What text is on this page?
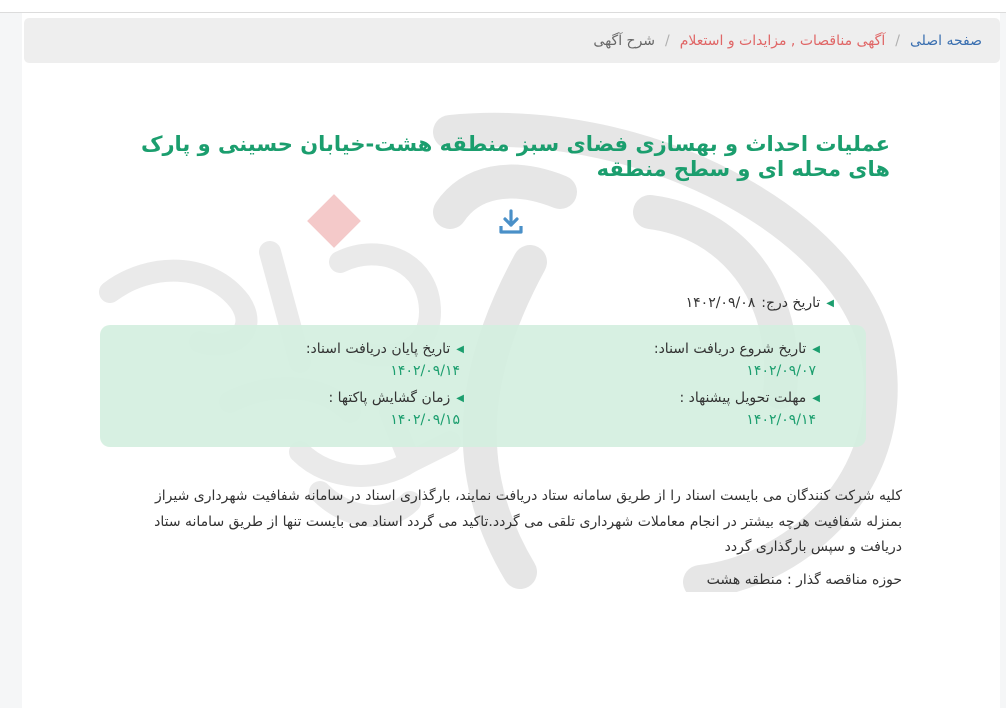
صفحه اصلی
/
آگهی مناقصات , مزایدات و استعلام
/
شرح آگهی
عملیات احداث و بهسازی فضای سبز منطقه هشت-خیابان حسینی و پارک های محله ای و سطح منطقه
◀
تاریخ درج:
۱۴۰۲/۰۹/۰۸
◀
تاریخ شروع دریافت اسناد:
۱۴۰۲/۰۹/۰۷
◀
تاریخ پایان دریافت اسناد:
۱۴۰۲/۰۹/۱۴
◀
مهلت تحویل پیشنهاد :
۱۴۰۲/۰۹/۱۴
◀
زمان گشایش پاکتها :
۱۴۰۲/۰۹/۱۵
کلیه شرکت کنندگان می بایست اسناد را از طریق سامانه ستاد دریافت نمایند، بارگذاری اسناد در سامانه شفافیت شهرداری شیراز بمنزله شفافیت هرچه بیشتر در انجام معاملات شهرداری تلقی می گردد.تاکید می گردد اسناد می بایست تنها از طریق سامانه ستاد دریافت و سپس بارگذاری گردد
حوزه مناقصه گذار : منطقه هشت
